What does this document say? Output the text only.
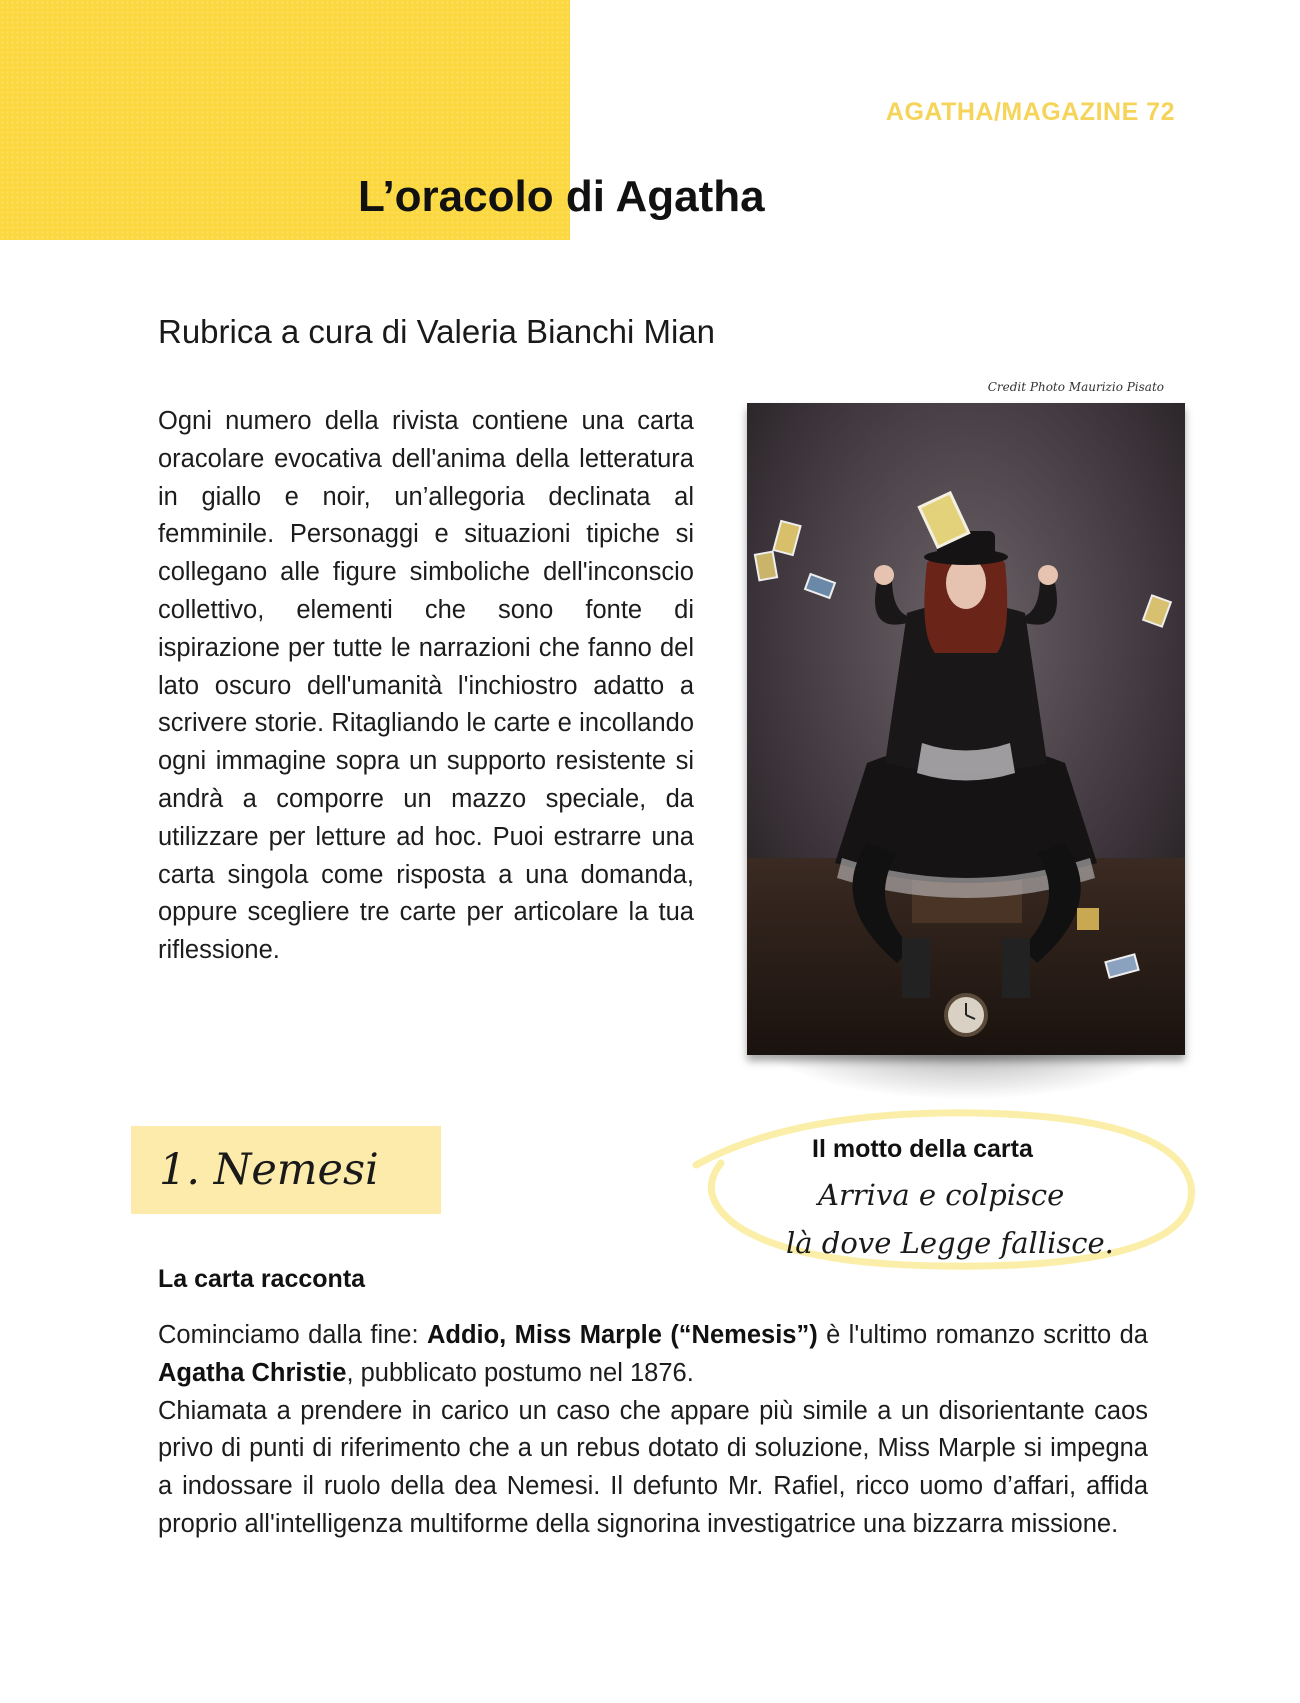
AGATHA/MAGAZINE 72
L’oracolo di Agatha
Rubrica a cura di Valeria Bianchi Mian
Credit Photo Maurizio Pisato

Ogni numero della rivista contiene una carta oracolare evocativa dell'anima della letteratura in giallo e noir, un’allegoria declinata al femminile. Personaggi e situazioni tipiche si collegano alle figure simboliche dell'inconscio collettivo, elementi che sono fonte di ispirazione per tutte le narrazioni che fanno del lato oscuro dell'umanità l'inchiostro adatto a scrivere storie. Ritagliando le carte e incollando ogni immagine sopra un supporto resistente si andrà a comporre un mazzo speciale, da utilizzare per letture ad hoc. Puoi estrarre una carta singola come risposta a una domanda, oppure scegliere tre carte per articolare la tua riflessione.

1. Nemesi	Il motto della carta
Arriva e colpisce
là dove Legge fallisce.
La carta racconta

Cominciamo dalla fine: Addio, Miss Marple (“Nemesis”) è l'ultimo romanzo scritto da Agatha Christie, pubblicato postumo nel 1876.

Chiamata a prendere in carico un caso che appare più simile a un disorientante caos privo di punti di riferimento che a un rebus dotato di soluzione, Miss Marple si impegna a indossare il ruolo della dea Nemesi. Il defunto Mr. Rafiel, ricco uomo d’affari, affida proprio all'intelligenza multiforme della signorina investigatrice una bizzarra missione.
